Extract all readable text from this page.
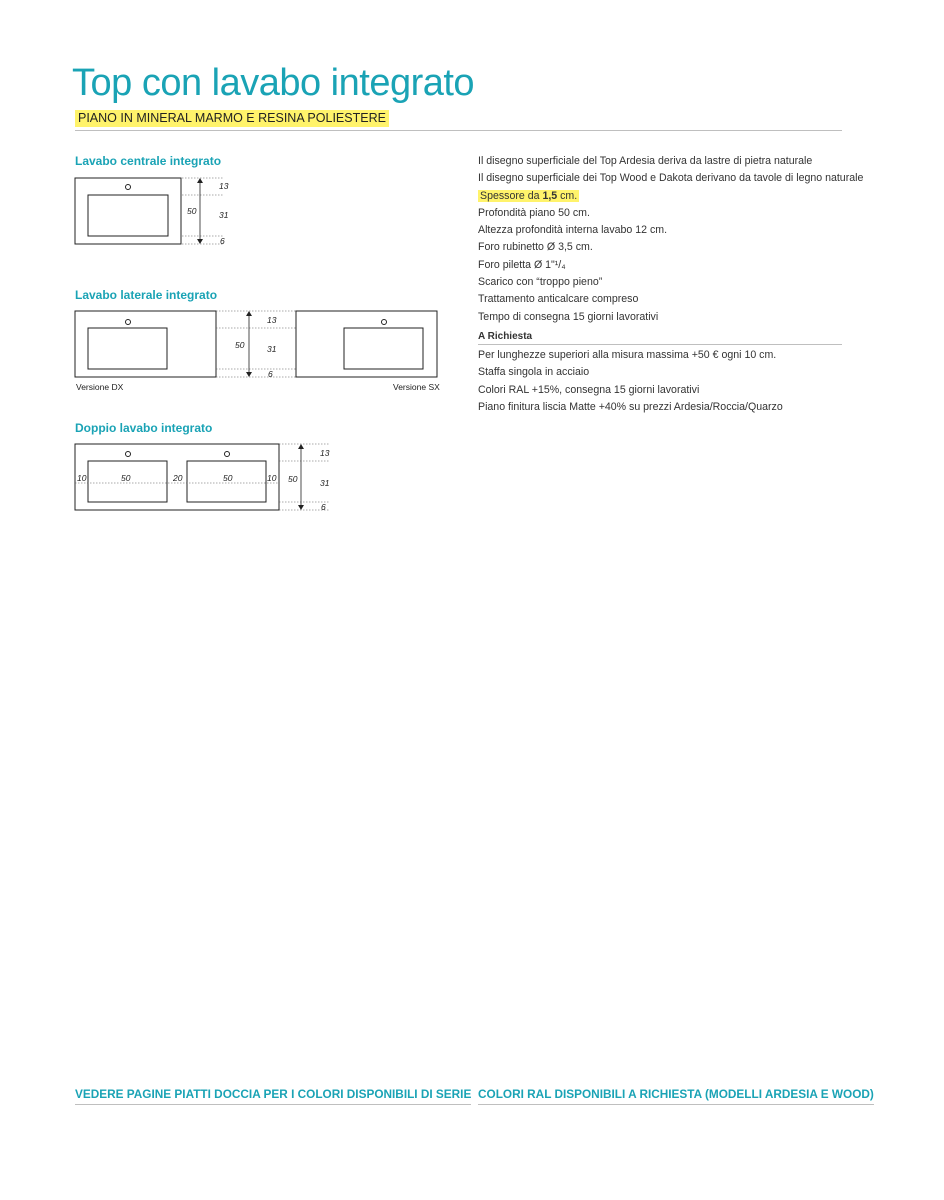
Top con lavabo integrato
PIANO IN MINERAL MARMO E RESINA POLIESTERE
Lavabo centrale integrato
50
13
31
6
Lavabo laterale integrato
50
13
31
6
Versione DX	Versione SX
Doppio lavabo integrato
10	50	20	50	10 50
13
31
6
Il disegno superficiale del Top Ardesia deriva da lastre di pietra naturale
Il disegno superficiale dei Top Wood e Dakota derivano da tavole di legno naturale
Spessore da 1,5 cm.
Profondità piano 50 cm.
Altezza profondità interna lavabo 12 cm.
Foro rubinetto Ø 3,5 cm.
Foro piletta Ø 1"¹/₄
Scarico con “troppo pieno”
Trattamento anticalcare compreso
Tempo di consegna 15 giorni lavorativi
A Richiesta
Per lunghezze superiori alla misura massima +50 € ogni 10 cm.
Staffa singola in acciaio
Colori RAL +15%, consegna 15 giorni lavorativi
Piano finitura liscia Matte +40% su prezzi Ardesia/Roccia/Quarzo
VEDERE PAGINE PIATTI DOCCIA PER I COLORI DISPONIBILI DI SERIE COLORI RAL DISPONIBILI A RICHIESTA (MODELLI ARDESIA E WOOD)
